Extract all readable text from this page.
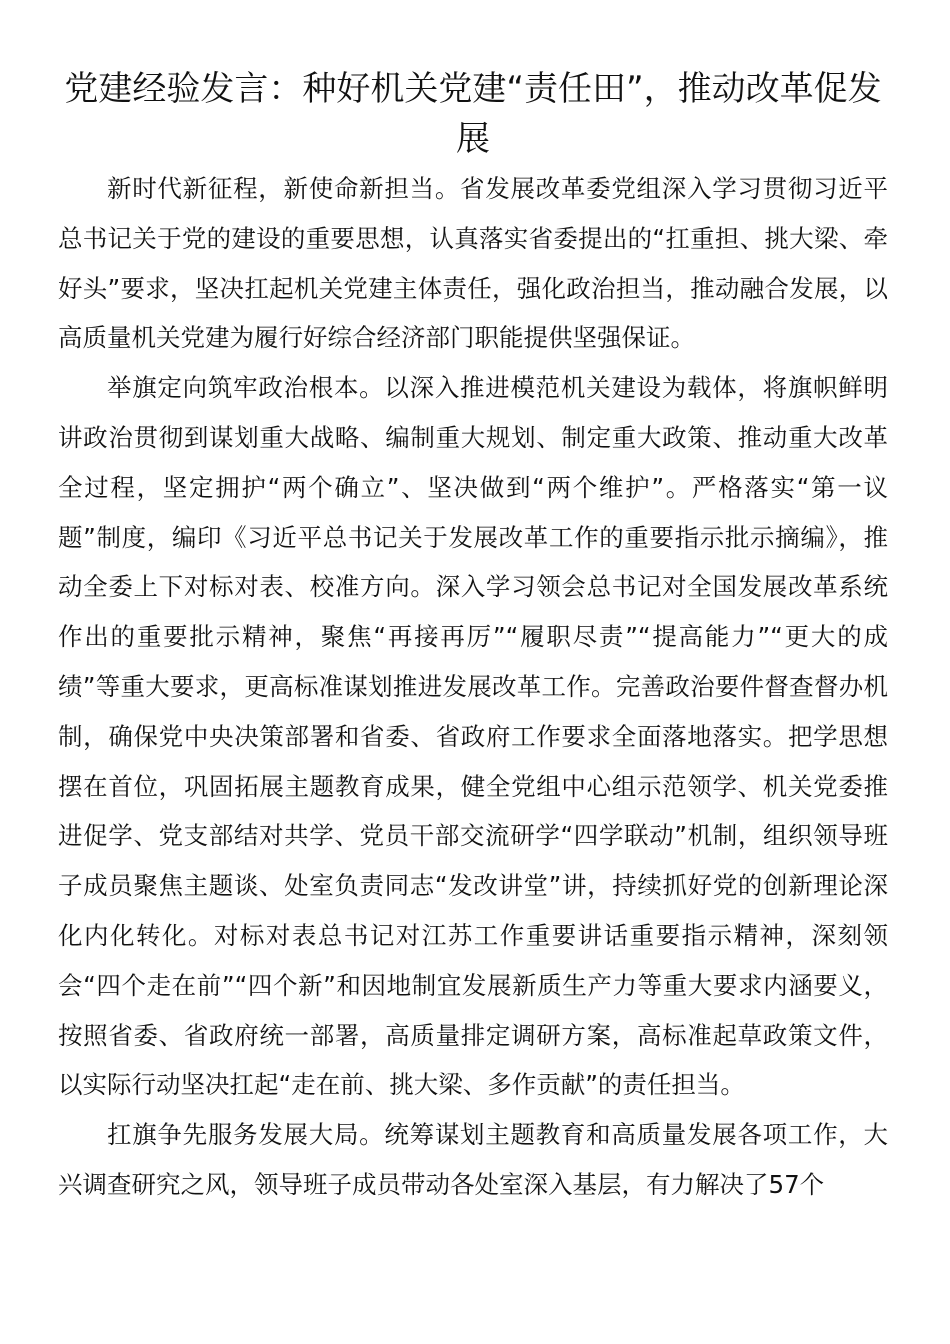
党建经验发言：种好机关党建“责任田”，推动改革促发展

新时代新征程，新使命新担当。省发展改革委党组深入学习贯彻习近平总书记关于党的建设的重要思想，认真落实省委提出的“扛重担、挑大梁、牵好头”要求，坚决扛起机关党建主体责任，强化政治担当，推动融合发展，以高质量机关党建为履行好综合经济部门职能提供坚强保证。

举旗定向筑牢政治根本。以深入推进模范机关建设为载体，将旗帜鲜明讲政治贯彻到谋划重大战略、编制重大规划、制定重大政策、推动重大改革全过程，坚定拥护“两个确立”、坚决做到“两个维护”。严格落实“第一议题”制度，编印《习近平总书记关于发展改革工作的重要指示批示摘编》，推动全委上下对标对表、校准方向。深入学习领会总书记对全国发展改革系统作出的重要批示精神，聚焦“再接再厉”“履职尽责”“提高能力”“更大的成绩”等重大要求，更高标准谋划推进发展改革工作。完善政治要件督查督办机制，确保党中央决策部署和省委、省政府工作要求全面落地落实。把学思想摆在首位，巩固拓展主题教育成果，健全党组中心组示范领学、机关党委推进促学、党支部结对共学、党员干部交流研学“四学联动”机制，组织领导班子成员聚焦主题谈、处室负责同志“发改讲堂”讲，持续抓好党的创新理论深化内化转化。对标对表总书记对江苏工作重要讲话重要指示精神，深刻领会“四个走在前”“四个新”和因地制宜发展新质生产力等重大要求内涵要义，按照省委、省政府统一部署，高质量排定调研方案，高标准起草政策文件，以实际行动坚决扛起“走在前、挑大梁、多作贡献”的责任担当。

扛旗争先服务发展大局。统筹谋划主题教育和高质量发展各项工作，大兴调查研究之风，领导班子成员带动各处室深入基层，有力解决了57个
